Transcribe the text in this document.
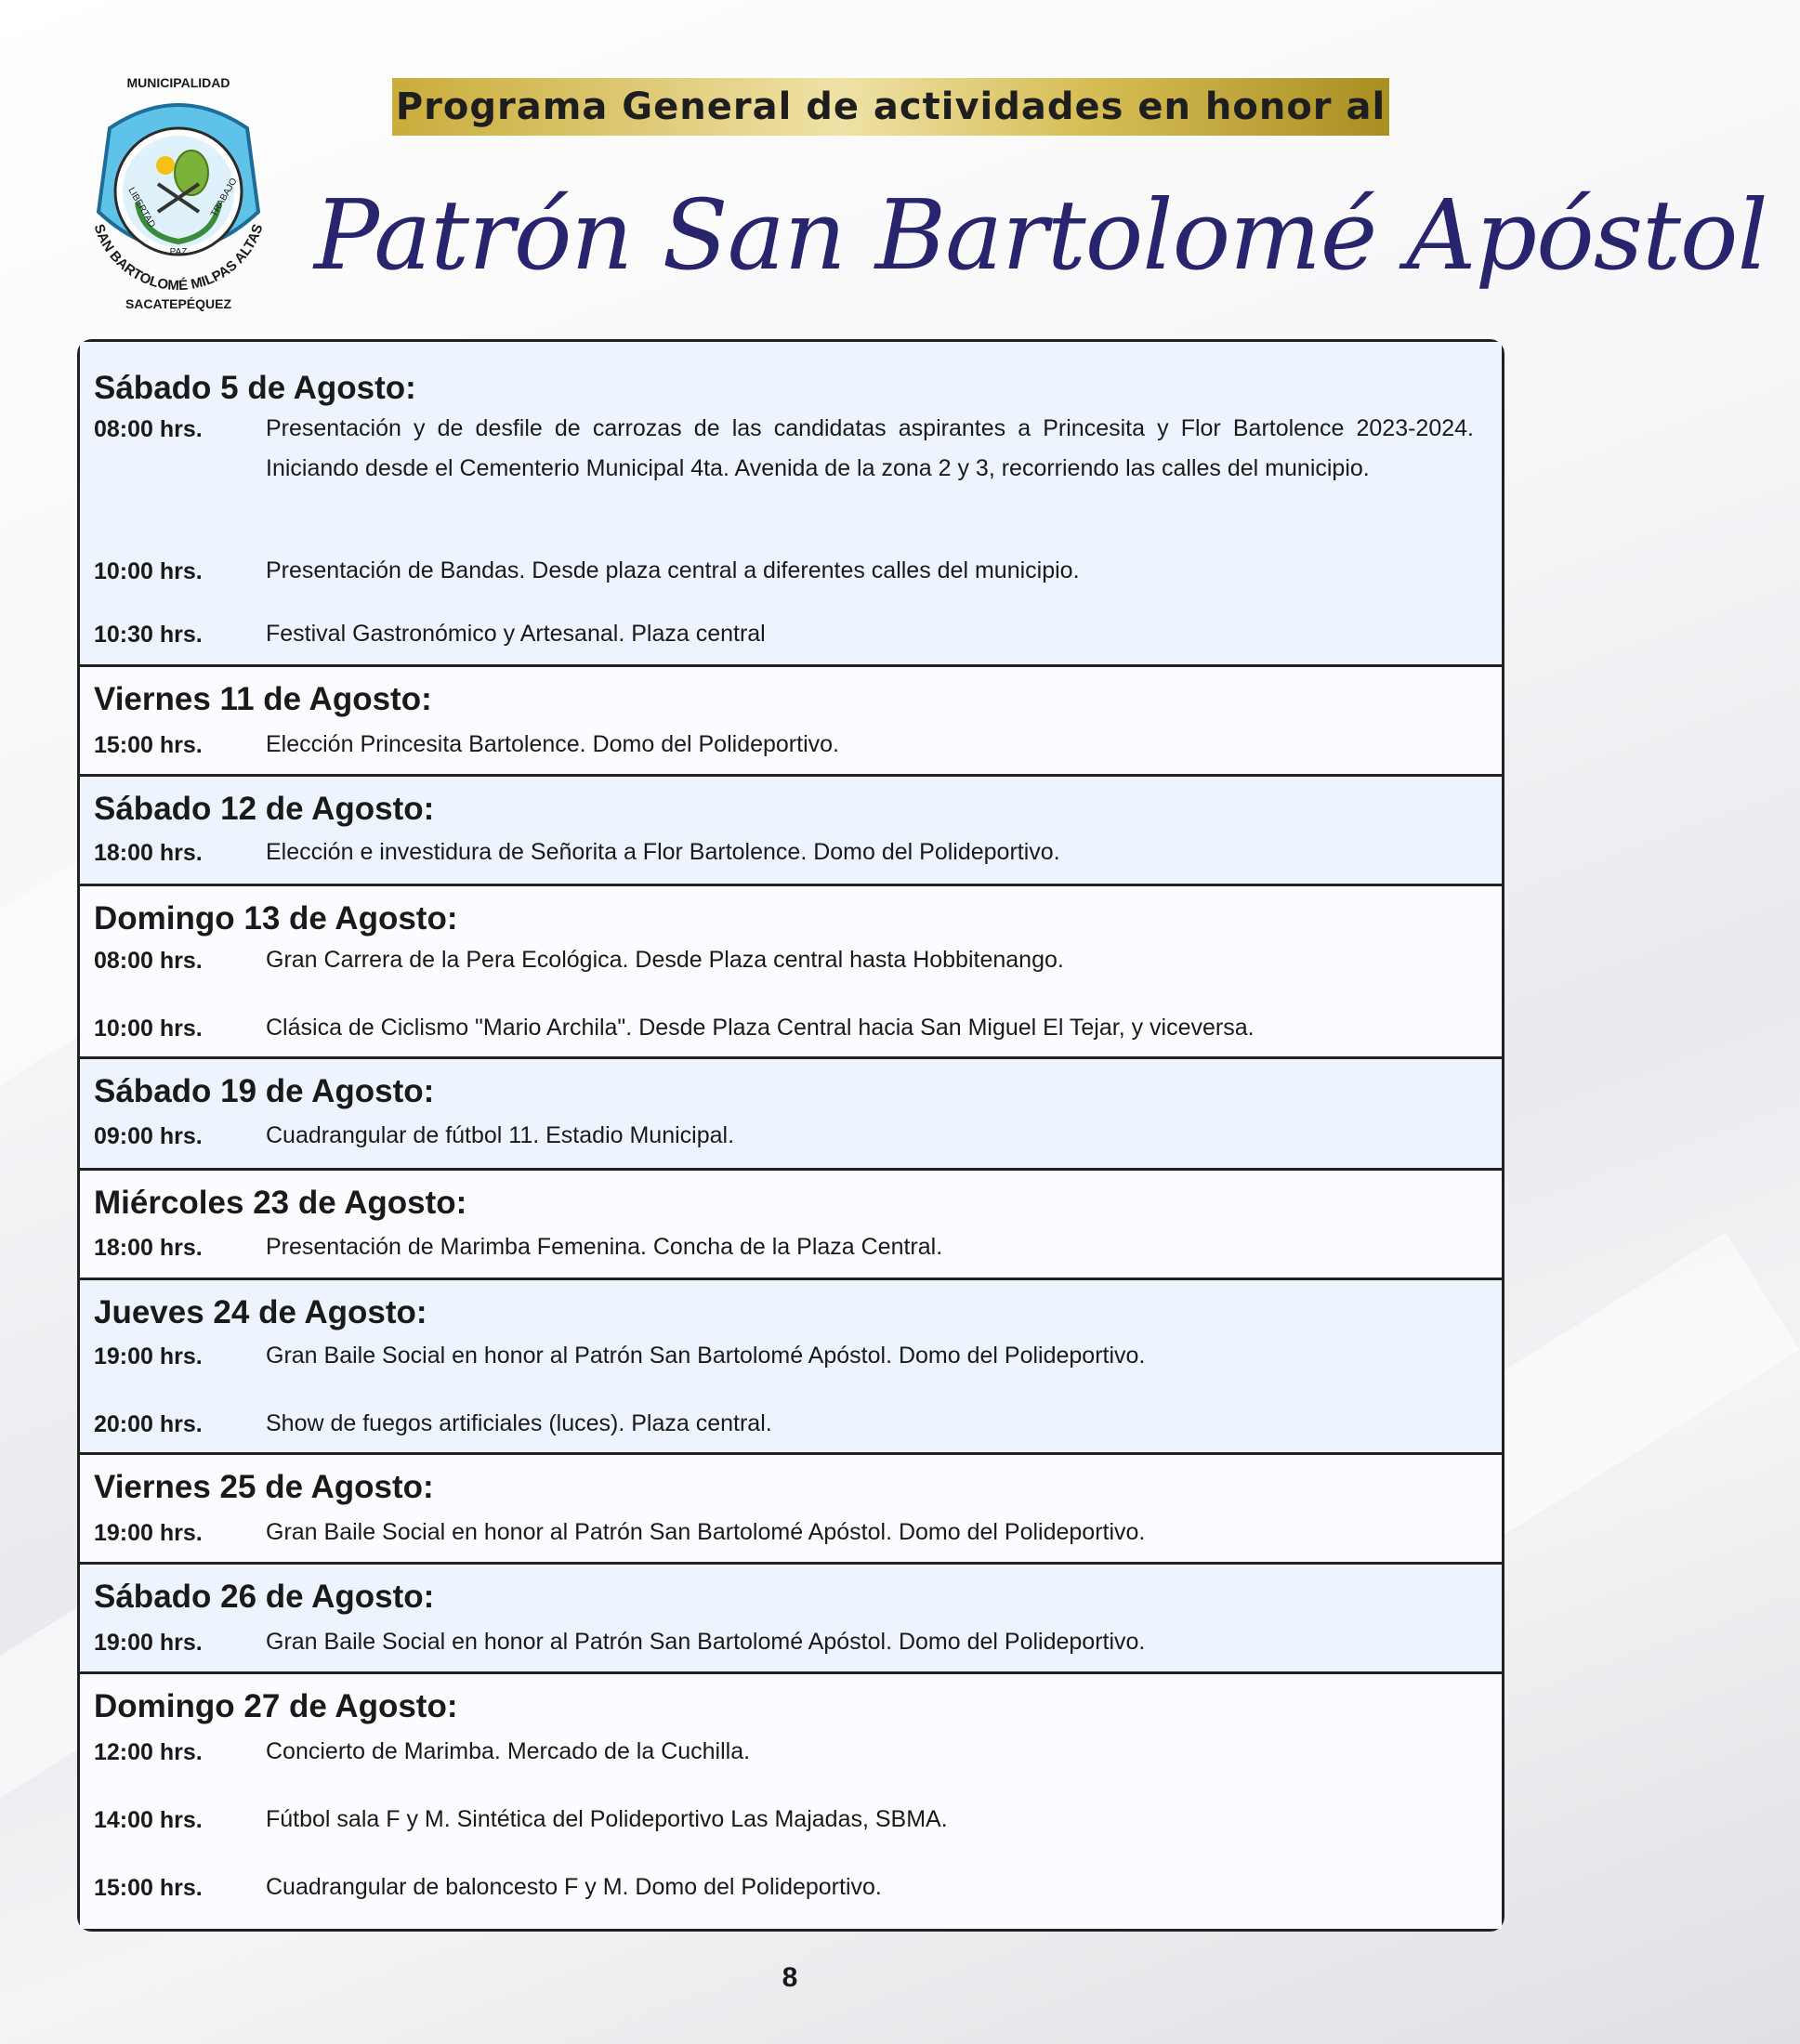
MUNICIPALIDAD
LIBERTAD
PAZ
TRABAJO
SAN BARTOLOMÉ MILPAS ALTAS
SACATEPÉQUEZ
Programa General de actividades en honor al
Patrón San Bartolomé Apóstol
Sábado 5 de Agosto:
08:00 hrs.	Presentación y de desfile de carrozas de las candidatas aspirantes a Princesita y Flor Bartolence 2023-2024. Iniciando desde el Cementerio Municipal 4ta. Avenida de la zona 2 y 3, recorriendo las calles del municipio.
10:00 hrs.	Presentación de Bandas. Desde plaza central a diferentes calles del municipio.
10:30 hrs.	Festival Gastronómico y Artesanal. Plaza central
Viernes 11 de Agosto:
15:00 hrs.	Elección Princesita Bartolence. Domo del Polideportivo.
Sábado 12 de Agosto:
18:00 hrs.	Elección e investidura de Señorita a Flor Bartolence. Domo del Polideportivo.
Domingo 13 de Agosto:
08:00 hrs.	Gran Carrera de la Pera Ecológica. Desde Plaza central hasta Hobbitenango.
10:00 hrs.	Clásica de Ciclismo "Mario Archila". Desde Plaza Central hacia San Miguel El Tejar, y viceversa.
Sábado 19 de Agosto:
09:00 hrs.	Cuadrangular de fútbol 11. Estadio Municipal.
Miércoles 23 de Agosto:
18:00 hrs.	Presentación de Marimba Femenina. Concha de la Plaza Central.
Jueves 24 de Agosto:
19:00 hrs.	Gran Baile Social en honor al Patrón San Bartolomé Apóstol. Domo del Polideportivo.
20:00 hrs.	Show de fuegos artificiales (luces). Plaza central.
Viernes 25 de Agosto:
19:00 hrs.	Gran Baile Social en honor al Patrón San Bartolomé Apóstol. Domo del Polideportivo.
Sábado 26 de Agosto:
19:00 hrs.	Gran Baile Social en honor al Patrón San Bartolomé Apóstol. Domo del Polideportivo.
Domingo 27 de Agosto:
12:00 hrs.	Concierto de Marimba. Mercado de la Cuchilla.
14:00 hrs.	Fútbol sala F y M. Sintética del Polideportivo Las Majadas, SBMA.
15:00 hrs.	Cuadrangular de baloncesto F y M. Domo del Polideportivo.
8
